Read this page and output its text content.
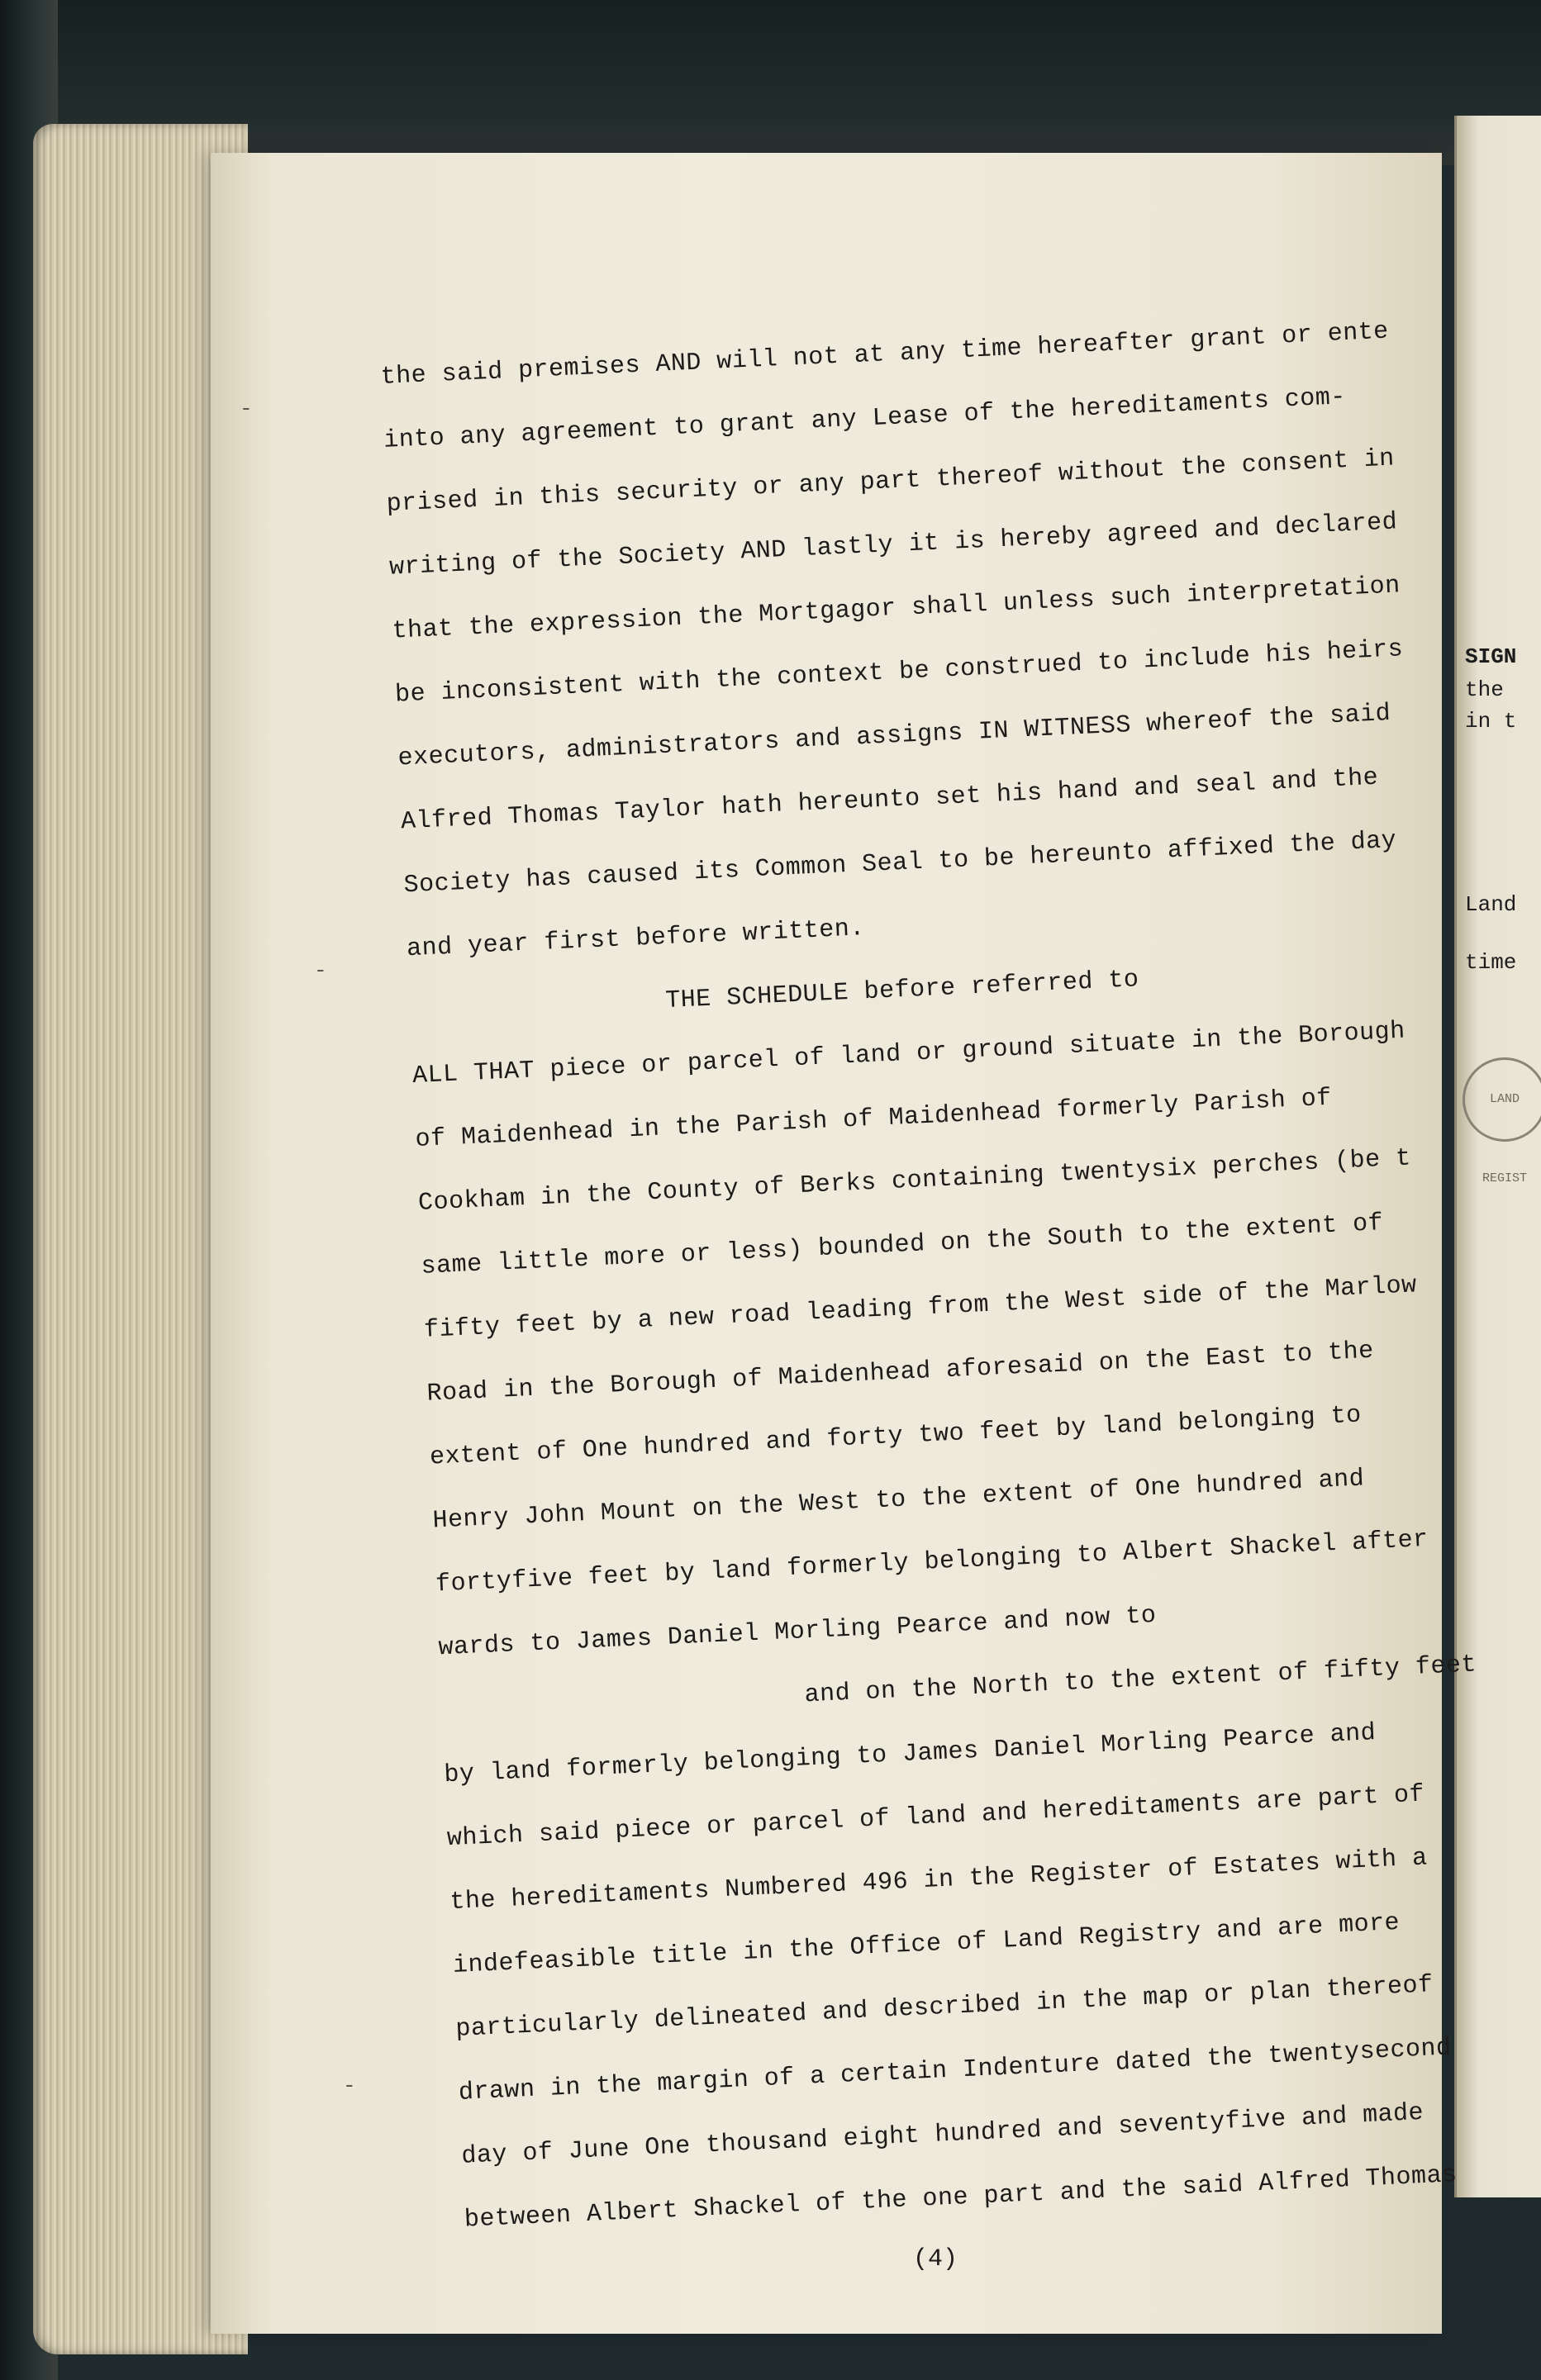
SIGN
the
in t
Land
time
LAND REGIST
-
-
-
the said premises AND will not at any time hereafter grant or ente
into any agreement to grant any Lease of the hereditaments com-
prised in this security or any part thereof without the consent in
writing of the Society AND lastly it is hereby agreed and declared
that the expression the Mortgagor shall unless such interpretation
be inconsistent with the context be construed to include his heirs
executors, administrators and assigns IN WITNESS whereof the said
Alfred Thomas Taylor hath hereunto set his hand and seal and the
Society has caused its Common Seal to be hereunto affixed the day
and year first before written.
THE SCHEDULE before referred to
ALL THAT piece or parcel of land or ground situate in the Borough
of Maidenhead in the Parish of Maidenhead formerly Parish of
Cookham in the County of Berks containing twentysix perches (be t
same little more or less) bounded on the South to the extent of
fifty feet by a new road leading from the West side of the Marlow
Road in the Borough of Maidenhead aforesaid on the East to the
extent of One hundred and forty two feet by land belonging to
Henry John Mount on the West to the extent of One hundred and
fortyfive feet by land formerly belonging to Albert Shackel after
wards to James Daniel Morling Pearce and now to
and on the North to the extent of fifty feet
by land formerly belonging to James Daniel Morling Pearce and
which said piece or parcel of land and hereditaments are part of
the hereditaments Numbered 496 in the Register of Estates with a
indefeasible title in the Office of Land Registry and are more
particularly delineated and described in the map or plan thereof
drawn in the margin of a certain Indenture dated the twentysecond
day of June One thousand eight hundred and seventyfive and made
between Albert Shackel of the one part and the said Alfred Thomas
(4)
